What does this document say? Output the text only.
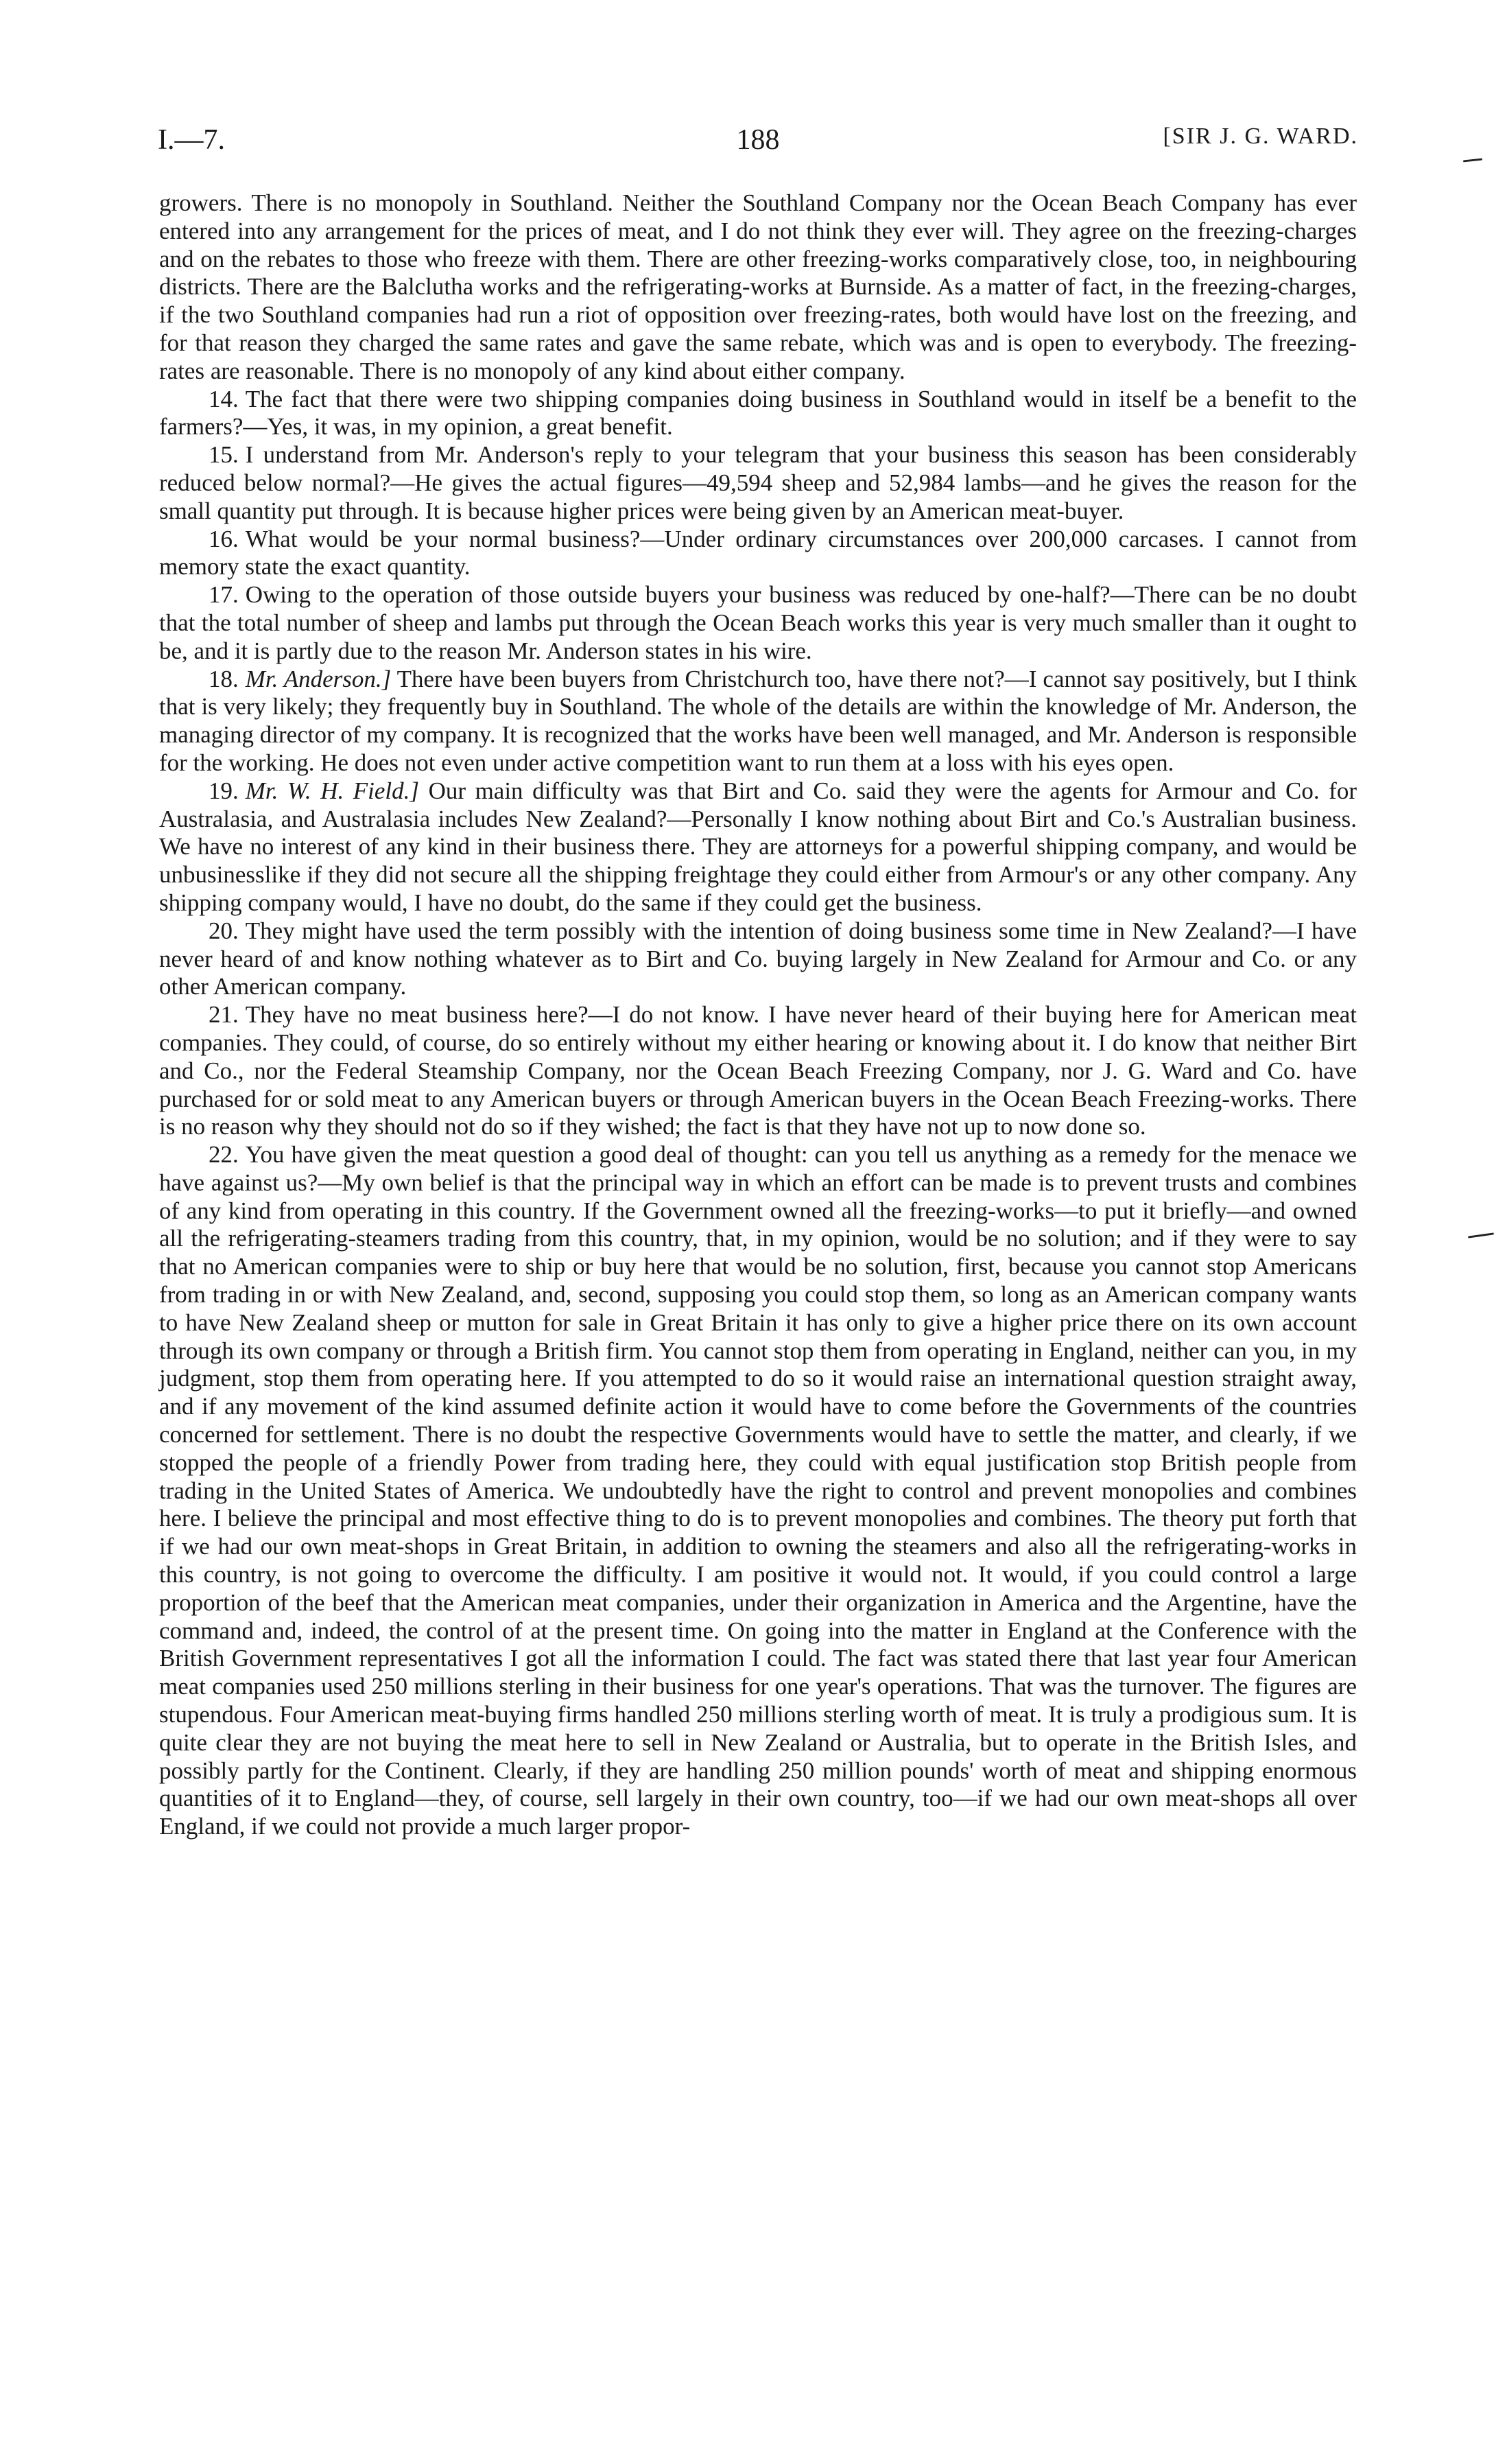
I.—7.	188	[SIR J. G. WARD.

growers. There is no monopoly in Southland. Neither the Southland Company nor the Ocean Beach Company has ever entered into any arrangement for the prices of meat, and I do not think they ever will. They agree on the freezing-charges and on the rebates to those who freeze with them. There are other freezing-works comparatively close, too, in neighbouring districts. There are the Balclutha works and the refrigerating-works at Burnside. As a matter of fact, in the freezing-charges, if the two Southland companies had run a riot of opposition over freezing-rates, both would have lost on the freezing, and for that reason they charged the same rates and gave the same rebate, which was and is open to everybody. The freezing-rates are reasonable. There is no monopoly of any kind about either company.

14. The fact that there were two shipping companies doing business in Southland would in itself be a benefit to the farmers?—Yes, it was, in my opinion, a great benefit.

15. I understand from Mr. Anderson's reply to your telegram that your business this season has been considerably reduced below normal?—He gives the actual figures—49,594 sheep and 52,984 lambs—and he gives the reason for the small quantity put through. It is because higher prices were being given by an American meat-buyer.

16. What would be your normal business?—Under ordinary circumstances over 200,000 carcases. I cannot from memory state the exact quantity.

17. Owing to the operation of those outside buyers your business was reduced by one-half?—There can be no doubt that the total number of sheep and lambs put through the Ocean Beach works this year is very much smaller than it ought to be, and it is partly due to the reason Mr. Anderson states in his wire.

18. Mr. Anderson.] There have been buyers from Christchurch too, have there not?—I cannot say positively, but I think that is very likely; they frequently buy in Southland. The whole of the details are within the knowledge of Mr. Anderson, the managing director of my company. It is recognized that the works have been well managed, and Mr. Anderson is responsible for the working. He does not even under active competition want to run them at a loss with his eyes open.

19. Mr. W. H. Field.] Our main difficulty was that Birt and Co. said they were the agents for Armour and Co. for Australasia, and Australasia includes New Zealand?—Personally I know nothing about Birt and Co.'s Australian business. We have no interest of any kind in their business there. They are attorneys for a powerful shipping company, and would be unbusinesslike if they did not secure all the shipping freightage they could either from Armour's or any other company. Any shipping company would, I have no doubt, do the same if they could get the business.

20. They might have used the term possibly with the intention of doing business some time in New Zealand?—I have never heard of and know nothing whatever as to Birt and Co. buying largely in New Zealand for Armour and Co. or any other American company.

21. They have no meat business here?—I do not know. I have never heard of their buying here for American meat companies. They could, of course, do so entirely without my either hearing or knowing about it. I do know that neither Birt and Co., nor the Federal Steamship Company, nor the Ocean Beach Freezing Company, nor J. G. Ward and Co. have purchased for or sold meat to any American buyers or through American buyers in the Ocean Beach Freezing-works. There is no reason why they should not do so if they wished; the fact is that they have not up to now done so.

22. You have given the meat question a good deal of thought: can you tell us anything as a remedy for the menace we have against us?—My own belief is that the principal way in which an effort can be made is to prevent trusts and combines of any kind from operating in this country. If the Government owned all the freezing-works—to put it briefly—and owned all the refrigerating-steamers trading from this country, that, in my opinion, would be no solution; and if they were to say that no American companies were to ship or buy here that would be no solution, first, because you cannot stop Americans from trading in or with New Zealand, and, second, supposing you could stop them, so long as an American company wants to have New Zealand sheep or mutton for sale in Great Britain it has only to give a higher price there on its own account through its own company or through a British firm. You cannot stop them from operating in England, neither can you, in my judgment, stop them from operating here. If you attempted to do so it would raise an international question straight away, and if any movement of the kind assumed definite action it would have to come before the Governments of the countries concerned for settlement. There is no doubt the respective Governments would have to settle the matter, and clearly, if we stopped the people of a friendly Power from trading here, they could with equal justification stop British people from trading in the United States of America. We undoubtedly have the right to control and prevent monopolies and combines here. I believe the principal and most effective thing to do is to prevent monopolies and combines. The theory put forth that if we had our own meat-shops in Great Britain, in addition to owning the steamers and also all the refrigerating-works in this country, is not going to overcome the difficulty. I am positive it would not. It would, if you could control a large proportion of the beef that the American meat companies, under their organization in America and the Argentine, have the command and, indeed, the control of at the present time. On going into the matter in England at the Conference with the British Government representatives I got all the information I could. The fact was stated there that last year four American meat companies used 250 millions sterling in their business for one year's operations. That was the turnover. The figures are stupendous. Four American meat-buying firms handled 250 millions sterling worth of meat. It is truly a prodigious sum. It is quite clear they are not buying the meat here to sell in New Zealand or Australia, but to operate in the British Isles, and possibly partly for the Continent. Clearly, if they are handling 250 million pounds' worth of meat and shipping enormous quantities of it to England—they, of course, sell largely in their own country, too—if we had our own meat-shops all over England, if we could not provide a much larger propor-
